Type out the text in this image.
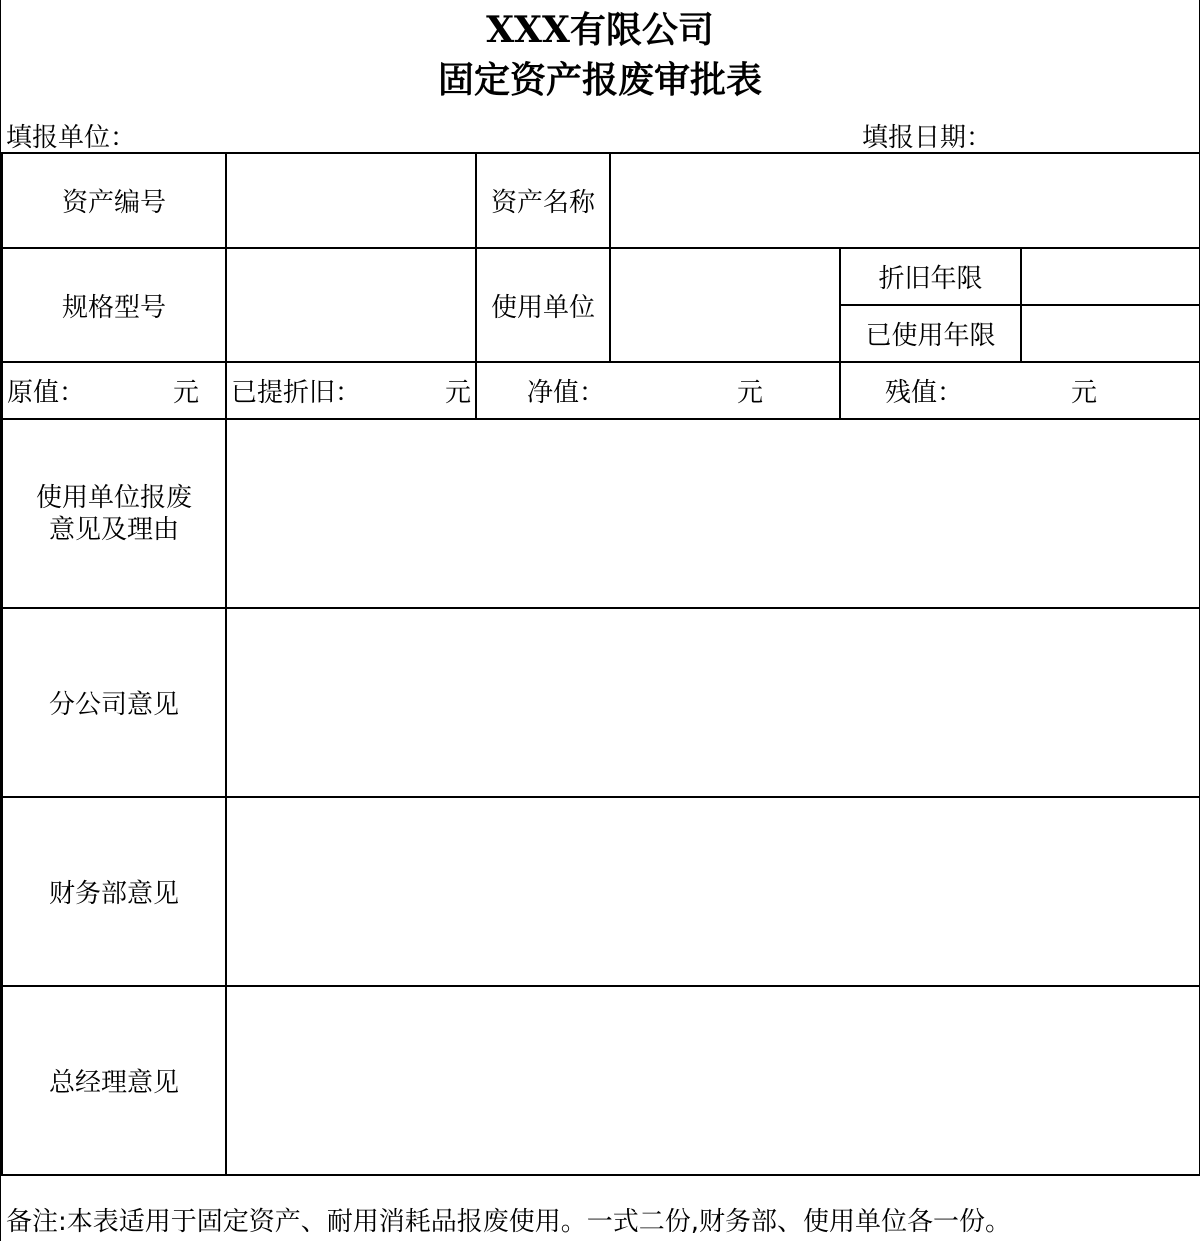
XXX有限公司
固定资产报废审批表
填报单位：	填报日期：
资产编号		资产名称			
规格型号		使用单位		折旧年限	
				已使用年限	

原值： 元	已提折旧： 元	净值： 元		残值： 元	

使用单位报废意见及理由					
分公司意见					
财务部意见					
总经理意见					
备注:本表适用于固定资产、耐用消耗品报废使用。一式二份,财务部、使用单位各一份。
